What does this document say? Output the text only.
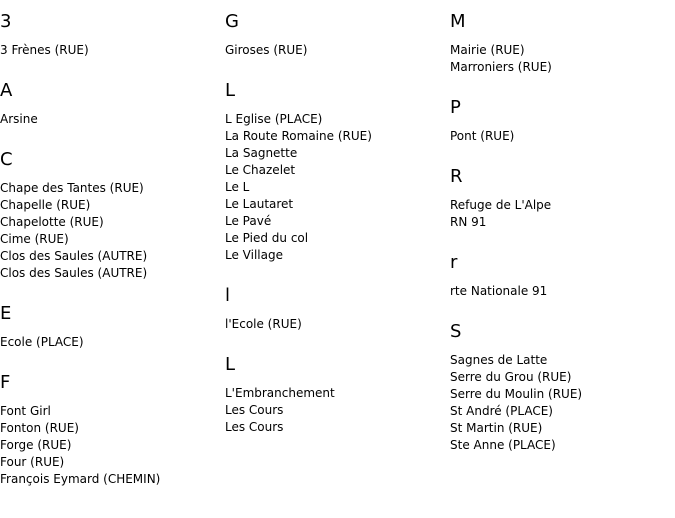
3
3 Frènes (RUE)
A
Arsine
C
Chape des Tantes (RUE)
Chapelle (RUE)
Chapelotte (RUE)
Cime (RUE)
Clos des Saules (AUTRE)
Clos des Saules (AUTRE)
E
Ecole (PLACE)
F
Font Girl
Fonton (RUE)
Forge (RUE)
Four (RUE)
François Eymard (CHEMIN)
G
Giroses (RUE)
L
L Eglise (PLACE)
La Route Romaine (RUE)
La Sagnette
Le Chazelet
Le L
Le Lautaret
Le Pavé
Le Pied du col
Le Village
l
l'Ecole (RUE)
L
L'Embranchement
Les Cours
Les Cours
M
Mairie (RUE)
Marroniers (RUE)
P
Pont (RUE)
R
Refuge de L'Alpe
RN 91
r
rte Nationale 91
S
Sagnes de Latte
Serre du Grou (RUE)
Serre du Moulin (RUE)
St André (PLACE)
St Martin (RUE)
Ste Anne (PLACE)
